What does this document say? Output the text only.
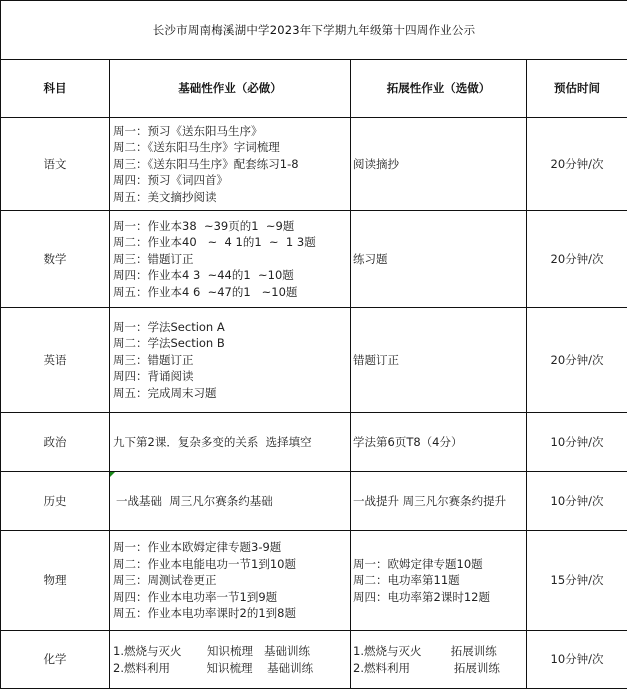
长沙市周南梅溪湖中学2023年下学期九年级第十四周作业公示			
科目	基础性作业（必做）	拓展性作业（选做）	预估时间
语文	周一：预习《送东阳马生序》
周二：《送东阳马生序》字词梳理
周三：《送东阳马生序》配套练习1-8
周四：预习《词四首》
周五：美文摘抄阅读	阅读摘抄	20分钟/次
数学	周一：作业本38  ~39页的1  ~9题
周二：作业本40   ~  4 1的1  ~  1 3题
周三：错题订正
周四：作业本4 3  ~44的1  ~10题
周五：作业本4 6  ~47的1   ~10题	练习题	20分钟/次
英语	周一：学法Section A
周二：学法Section B
周三：错题订正
周四：背诵阅读
周五：完成周末习题	错题订正	20分钟/次
政治	九下第2课．复杂多变的关系  选择填空	学法第6页T8（4分）	10分钟/次
历史	一战基础  周三凡尔赛条约基础	一战提升 周三凡尔赛条约提升	10分钟/次
物理	周一：作业本欧姆定律专题3-9题
周二：作业本电能电功一节1到10题
周三：周测试卷更正
周四：作业本电功率一节1到9题
周五：作业本电功率课时2的1到8题	周一：欧姆定律专题10题
周二：电功率第11题
周四：电功率第2课时12题	15分钟/次
化学	1.燃烧与灭火       知识梳理   基础训练
2.燃料利用          知识梳理    基础训练	1.燃烧与灭火        拓展训练
2.燃料利用            拓展训练	10分钟/次
